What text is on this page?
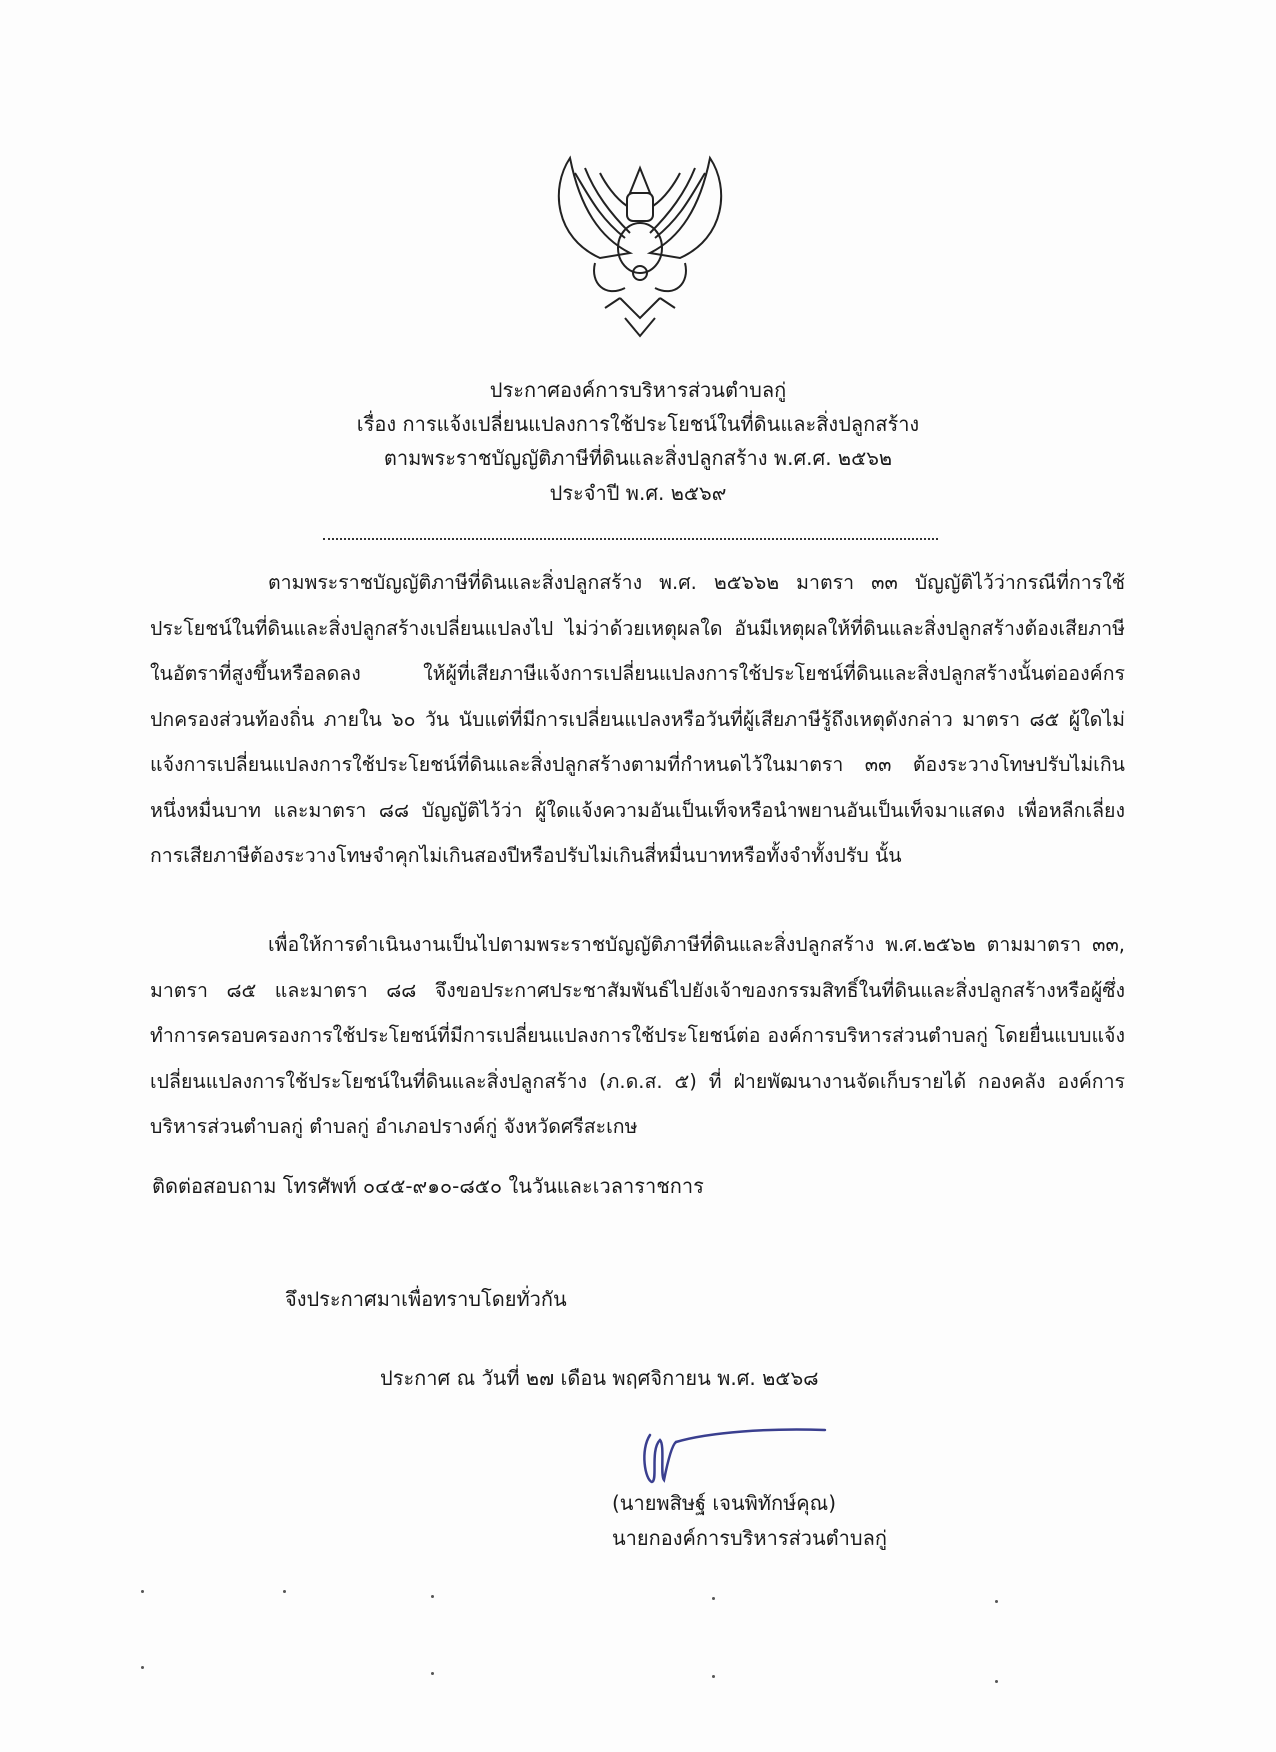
ประกาศองค์การบริหารส่วนตำบลกู่
เรื่อง การแจ้งเปลี่ยนแปลงการใช้ประโยชน์ในที่ดินและสิ่งปลูกสร้าง
ตามพระราชบัญญัติภาษีที่ดินและสิ่งปลูกสร้าง พ.ศ.ศ. ๒๕๖๒
ประจำปี พ.ศ. ๒๕๖๙
ตามพระราชบัญญัติภาษีที่ดินและสิ่งปลูกสร้าง พ.ศ. ๒๕๖๖๒ มาตรา ๓๓ บัญญัติไว้ว่ากรณีที่การใช้ประโยชน์ในที่ดินและสิ่งปลูกสร้างเปลี่ยนแปลงไป ไม่ว่าด้วยเหตุผลใด อันมีเหตุผลให้ที่ดินและสิ่งปลูกสร้างต้องเสียภาษีในอัตราที่สูงขึ้นหรือลดลง ให้ผู้ที่เสียภาษีแจ้งการเปลี่ยนแปลงการใช้ประโยชน์ที่ดินและสิ่งปลูกสร้างนั้นต่อองค์กรปกครองส่วนท้องถิ่น ภายใน ๖๐ วัน นับแต่ที่มีการเปลี่ยนแปลงหรือวันที่ผู้เสียภาษีรู้ถึงเหตุดังกล่าว มาตรา ๘๕ ผู้ใดไม่แจ้งการเปลี่ยนแปลงการใช้ประโยชน์ที่ดินและสิ่งปลูกสร้างตามที่กำหนดไว้ในมาตรา ๓๓ ต้องระวางโทษปรับไม่เกินหนึ่งหมื่นบาท และมาตรา ๘๘ บัญญัติไว้ว่า ผู้ใดแจ้งความอันเป็นเท็จหรือนำพยานอันเป็นเท็จมาแสดง เพื่อหลีกเลี่ยงการเสียภาษีต้องระวางโทษจำคุกไม่เกินสองปีหรือปรับไม่เกินสี่หมื่นบาทหรือทั้งจำทั้งปรับ นั้น
เพื่อให้การดำเนินงานเป็นไปตามพระราชบัญญัติภาษีที่ดินและสิ่งปลูกสร้าง พ.ศ.๒๕๖๒ ตามมาตรา ๓๓, มาตรา ๘๕ และมาตรา ๘๘ จึงขอประกาศประชาสัมพันธ์ไปยังเจ้าของกรรมสิทธิ์ในที่ดินและสิ่งปลูกสร้างหรือผู้ซึ่งทำการครอบครองการใช้ประโยชน์ที่มีการเปลี่ยนแปลงการใช้ประโยชน์ต่อ องค์การบริหารส่วนตำบลกู่ โดยยื่นแบบแจ้งเปลี่ยนแปลงการใช้ประโยชน์ในที่ดินและสิ่งปลูกสร้าง (ภ.ด.ส. ๕) ที่ ฝ่ายพัฒนางานจัดเก็บรายได้ กองคลัง องค์การบริหารส่วนตำบลกู่ ตำบลกู่ อำเภอปรางค์กู่ จังหวัดศรีสะเกษ
ติดต่อสอบถาม โทรศัพท์ ๐๔๕-๙๑๐-๘๕๐ ในวันและเวลาราชการ
จึงประกาศมาเพื่อทราบโดยทั่วกัน
ประกาศ ณ วันที่ ๒๗ เดือน พฤศจิกายน พ.ศ. ๒๕๖๘
(นายพสิษฐ์ เจนพิทักษ์คุณ)
นายกองค์การบริหารส่วนตำบลกู่
